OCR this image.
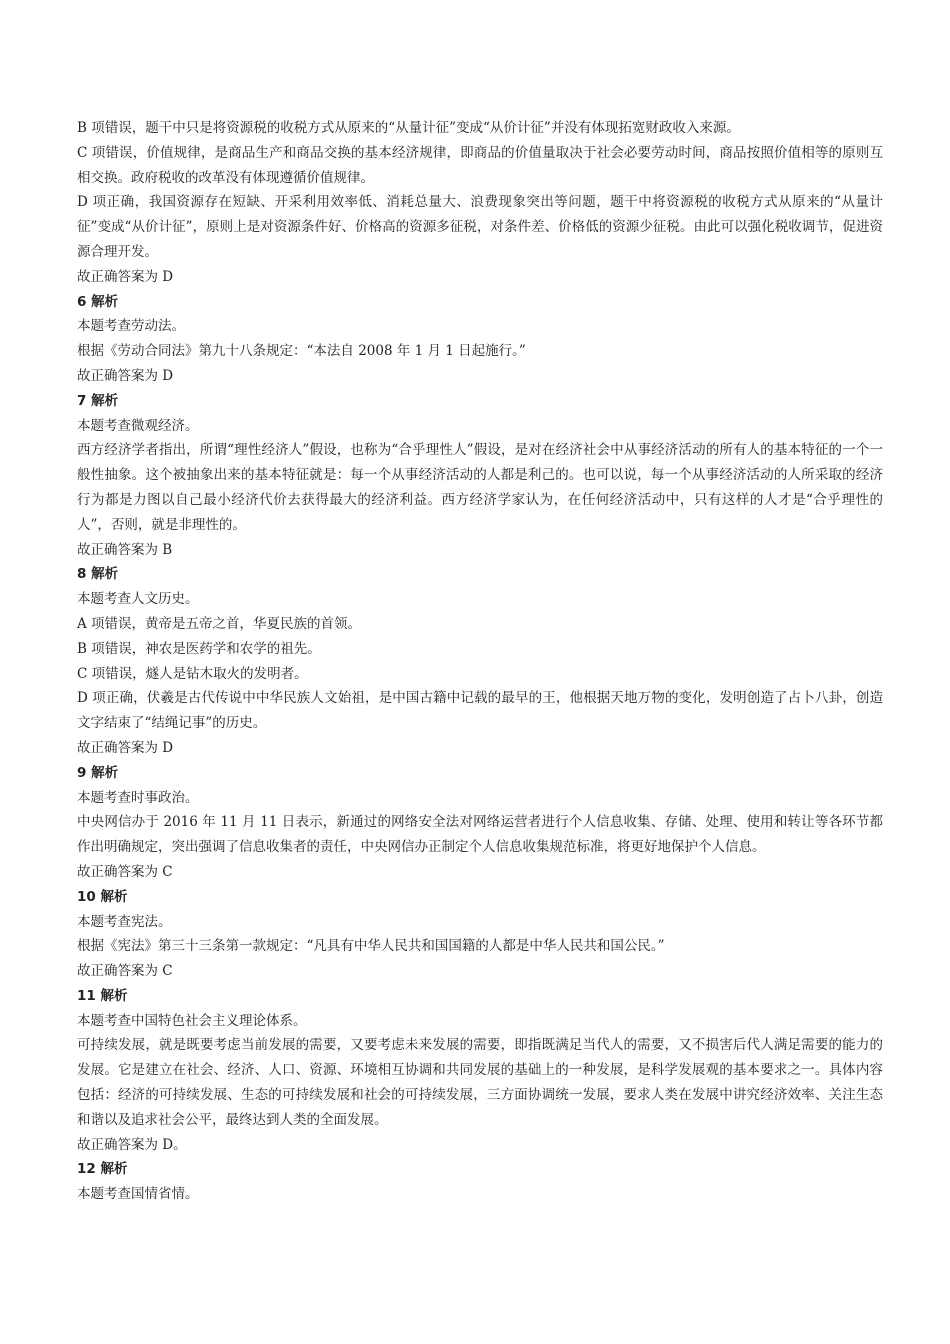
B 项错误，题干中只是将资源税的收税方式从原来的“从量计征”变成“从价计征”并没有体现拓宽财政收入来源。

C 项错误，价值规律，是商品生产和商品交换的基本经济规律，即商品的价值量取决于社会必要劳动时间，商品按照价值相等的原则互相交换。政府税收的改革没有体现遵循价值规律。

D 项正确，我国资源存在短缺、开采利用效率低、消耗总量大、浪费现象突出等问题，题干中将资源税的收税方式从原来的“从量计征”变成“从价计征”，原则上是对资源条件好、价格高的资源多征税，对条件差、价格低的资源少征税。由此可以强化税收调节，促进资源合理开发。

故正确答案为 D

6 解析

本题考查劳动法。

根据《劳动合同法》第九十八条规定：“本法自 2008 年 1 月 1 日起施行。”

故正确答案为 D

7 解析

本题考查微观经济。

西方经济学者指出，所谓“理性经济人”假设，也称为“合乎理性人”假设，是对在经济社会中从事经济活动的所有人的基本特征的一个一般性抽象。这个被抽象出来的基本特征就是：每一个从事经济活动的人都是利己的。也可以说，每一个从事经济活动的人所采取的经济行为都是力图以自己最小经济代价去获得最大的经济利益。西方经济学家认为，在任何经济活动中，只有这样的人才是“合乎理性的人”，否则，就是非理性的。

故正确答案为 B

8 解析

本题考查人文历史。

A 项错误，黄帝是五帝之首，华夏民族的首领。

B 项错误，神农是医药学和农学的祖先。

C 项错误，燧人是钻木取火的发明者。

D 项正确，伏羲是古代传说中中华民族人文始祖，是中国古籍中记载的最早的王，他根据天地万物的变化，发明创造了占卜八卦，创造文字结束了“结绳记事”的历史。

故正确答案为 D

9 解析

本题考查时事政治。

中央网信办于 2016 年 11 月 11 日表示，新通过的网络安全法对网络运营者进行个人信息收集、存储、处理、使用和转让等各环节都作出明确规定，突出强调了信息收集者的责任，中央网信办正制定个人信息收集规范标准，将更好地保护个人信息。

故正确答案为 C

10 解析

本题考查宪法。

根据《宪法》第三十三条第一款规定：“凡具有中华人民共和国国籍的人都是中华人民共和国公民。”

故正确答案为 C

11 解析

本题考查中国特色社会主义理论体系。

可持续发展，就是既要考虑当前发展的需要，又要考虑未来发展的需要，即指既满足当代人的需要，又不损害后代人满足需要的能力的发展。它是建立在社会、经济、人口、资源、环境相互协调和共同发展的基础上的一种发展，是科学发展观的基本要求之一。具体内容包括：经济的可持续发展、生态的可持续发展和社会的可持续发展，三方面协调统一发展，要求人类在发展中讲究经济效率、关注生态和谐以及追求社会公平，最终达到人类的全面发展。

故正确答案为 D。

12 解析

本题考查国情省情。
